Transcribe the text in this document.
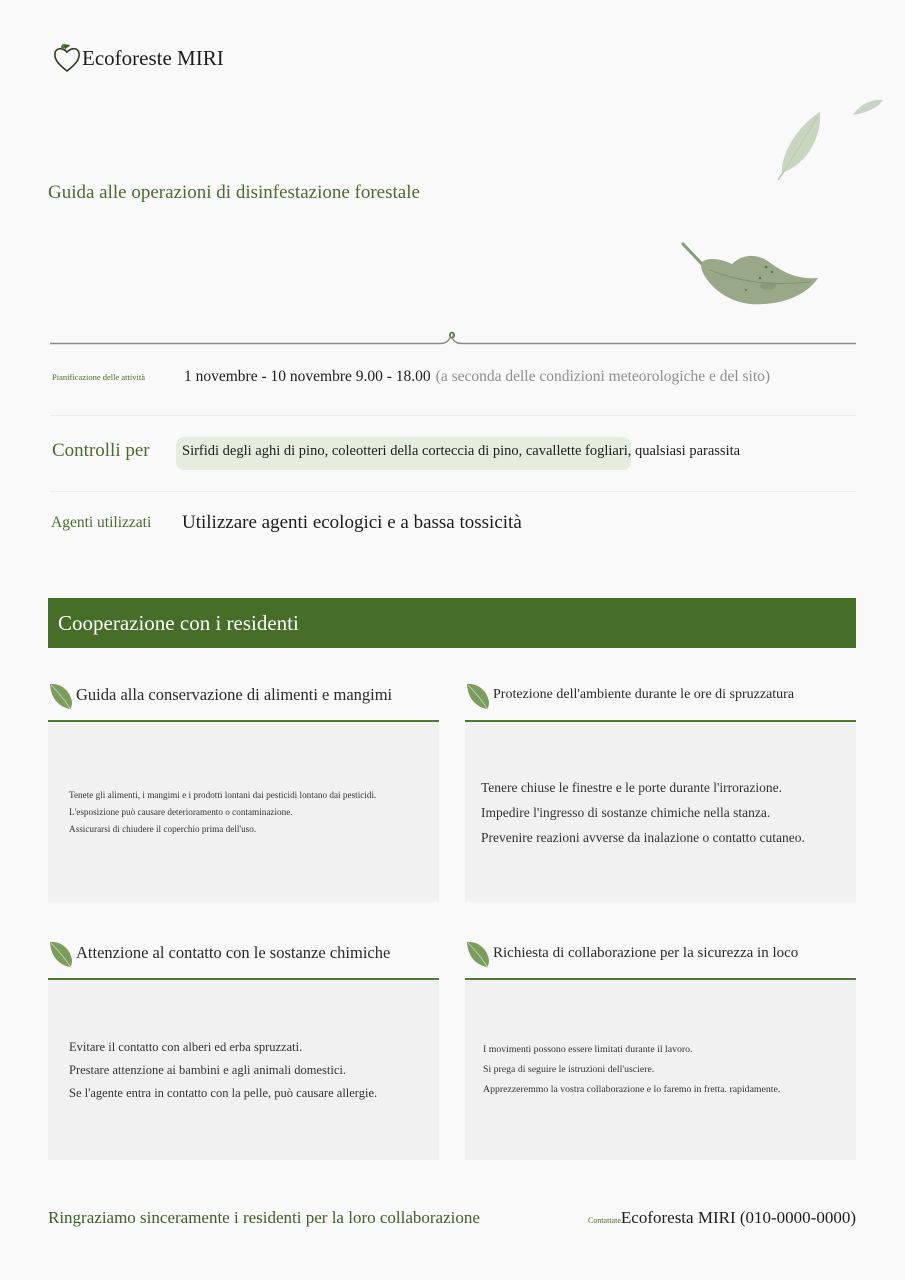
Ecoforeste MIRI
Guida alle operazioni di disinfestazione forestale
Pianificazione delle attività	1 novembre - 10 novembre 9.00 - 18.00 (a seconda delle condizioni meteorologiche e del sito)
Controlli per	Sirfidi degli aghi di pino, coleotteri della corteccia di pino, cavallette fogliari, qualsiasi parassita
Agenti utilizzati	Utilizzare agenti ecologici e a bassa tossicità
Cooperazione con i residenti
Guida alla conservazione di alimenti e mangimi

Tenete gli alimenti, i mangimi e i prodotti lontani dai pesticidi lontano dai pesticidi.

L'esposizione può causare deterioramento o contaminazione.

Assicurarsi di chiudere il coperchio prima dell'uso.

Protezione dell'ambiente durante le ore di spruzzatura

Tenere chiuse le finestre e le porte durante l'irrorazione.

Impedire l'ingresso di sostanze chimiche nella stanza.

Prevenire reazioni avverse da inalazione o contatto cutaneo.

Attenzione al contatto con le sostanze chimiche

Evitare il contatto con alberi ed erba spruzzati.

Prestare attenzione ai bambini e agli animali domestici.

Se l'agente entra in contatto con la pelle, può causare allergie.

Richiesta di collaborazione per la sicurezza in loco

I movimenti possono essere limitati durante il lavoro.

Si prega di seguire le istruzioni dell'usciere.

Apprezzeremmo la vostra collaborazione e lo faremo in fretta. rapidamente.

Ringraziamo sinceramente i residenti per la loro collaborazione	Contattate Ecoforesta MIRI (010-0000-0000)
